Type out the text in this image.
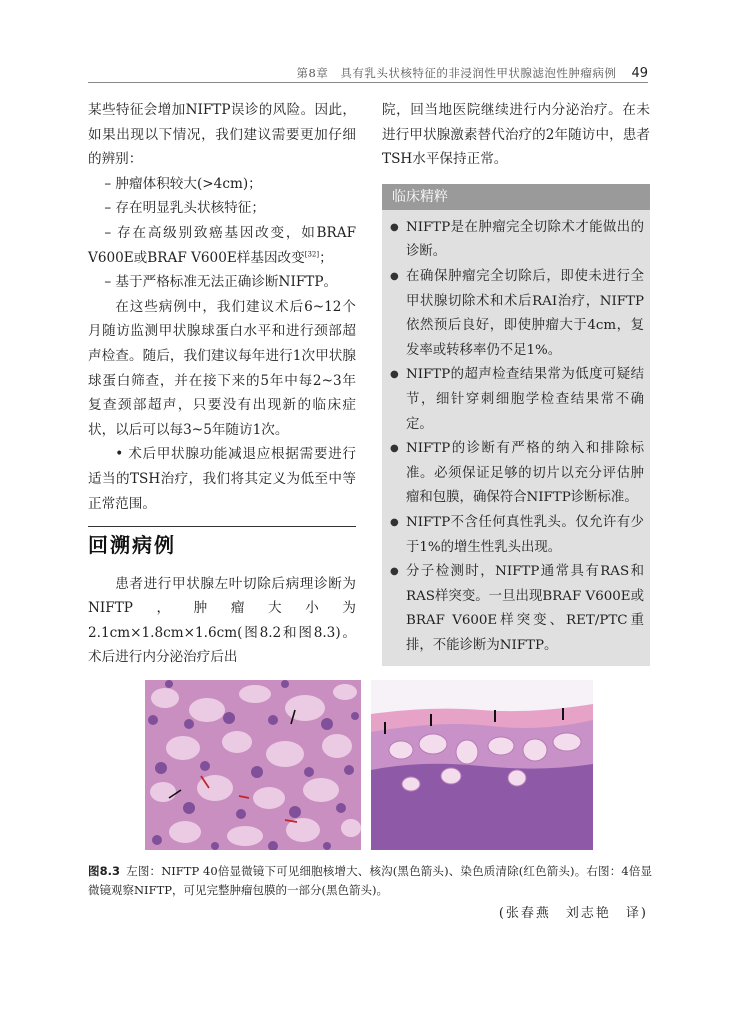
第8章　具有乳头状核特征的非浸润性甲状腺滤泡性肿瘤病例 49

某些特征会增加NIFTP误诊的风险。因此，如果出现以下情况，我们建议需要更加仔细的辨别：

– 肿瘤体积较大(>4cm)；

– 存在明显乳头状核特征；

– 存在高级别致癌基因改变，如BRAF V600E或BRAF V600E样基因改变[32]；

– 基于严格标准无法正确诊断NIFTP。

在这些病例中，我们建议术后6~12个月随访监测甲状腺球蛋白水平和进行颈部超声检查。随后，我们建议每年进行1次甲状腺球蛋白筛查，并在接下来的5年中每2~3年复查颈部超声，只要没有出现新的临床症状，以后可以每3~5年随访1次。

• 术后甲状腺功能减退应根据需要进行适当的TSH治疗，我们将其定义为低至中等正常范围。

回溯病例

患者进行甲状腺左叶切除后病理诊断为NIFTP，肿瘤大小为2.1cm×1.8cm×1.6cm(图8.2和图8.3)。术后进行内分泌治疗后出

院，回当地医院继续进行内分泌治疗。在未进行甲状腺激素替代治疗的2年随访中，患者TSH水平保持正常。

临床精粹
● NIFTP是在肿瘤完全切除术才能做出的诊断。
● 在确保肿瘤完全切除后，即使未进行全甲状腺切除术和术后RAI治疗，NIFTP依然预后良好，即使肿瘤大于4cm，复发率或转移率仍不足1%。
● NIFTP的超声检查结果常为低度可疑结节，细针穿刺细胞学检查结果常不确定。
● NIFTP的诊断有严格的纳入和排除标准。必须保证足够的切片以充分评估肿瘤和包膜，确保符合NIFTP诊断标准。
● NIFTP不含任何真性乳头。仅允许有少于1%的增生性乳头出现。
● 分子检测时，NIFTP通常具有RAS和RAS样突变。一旦出现BRAF V600E或BRAF V600E样突变、RET/PTC重排，不能诊断为NIFTP。
图8.3 左图：NIFTP 40倍显微镜下可见细胞核增大、核沟(黑色箭头)、染色质清除(红色箭头)。右图：4倍显微镜观察NIFTP，可见完整肿瘤包膜的一部分(黑色箭头)。
(张春燕　刘志艳　译)
